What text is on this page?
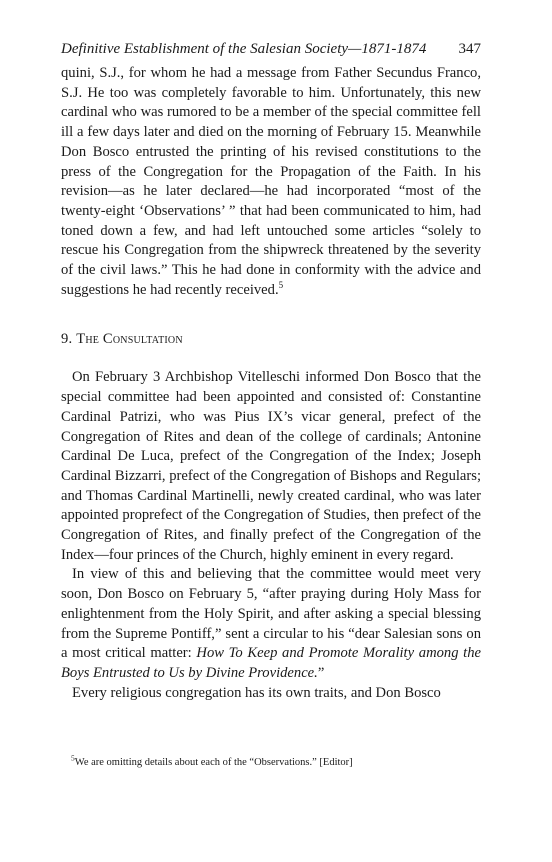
Definitive Establishment of the Salesian Society—1871-1874 347

quini, S.J., for whom he had a message from Father Secundus Franco, S.J. He too was completely favorable to him. Unfortunately, this new cardinal who was rumored to be a member of the special committee fell ill a few days later and died on the morning of February 15. Meanwhile Don Bosco entrusted the printing of his revised constitutions to the press of the Congregation for the Propagation of the Faith. In his revision—as he later declared—he had incorporated “most of the twenty-eight ‘Observations’ ” that had been communicated to him, had toned down a few, and had left untouched some articles “solely to rescue his Congregation from the shipwreck threatened by the severity of the civil laws.” This he had done in conformity with the advice and suggestions he had recently received.$^5$

9. The Consultation

On February 3 Archbishop Vitelleschi informed Don Bosco that the special committee had been appointed and consisted of: Constantine Cardinal Patrizi, who was Pius IX’s vicar general, prefect of the Congregation of Rites and dean of the college of cardinals; Antonine Cardinal De Luca, prefect of the Congregation of the Index; Joseph Cardinal Bizzarri, prefect of the Congregation of Bishops and Regulars; and Thomas Cardinal Martinelli, newly created cardinal, who was later appointed proprefect of the Congregation of Studies, then prefect of the Congregation of Rites, and finally prefect of the Congregation of the Index—four princes of the Church, highly eminent in every regard.

In view of this and believing that the committee would meet very soon, Don Bosco on February 5, “after praying during Holy Mass for enlightenment from the Holy Spirit, and after asking a special blessing from the Supreme Pontiff,” sent a circular to his “dear Salesian sons on a most critical matter: How To Keep and Promote Morality among the Boys Entrusted to Us by Divine Providence.”

Every religious congregation has its own traits, and Don Bosco

$^5$We are omitting details about each of the “Observations.” [Editor]
